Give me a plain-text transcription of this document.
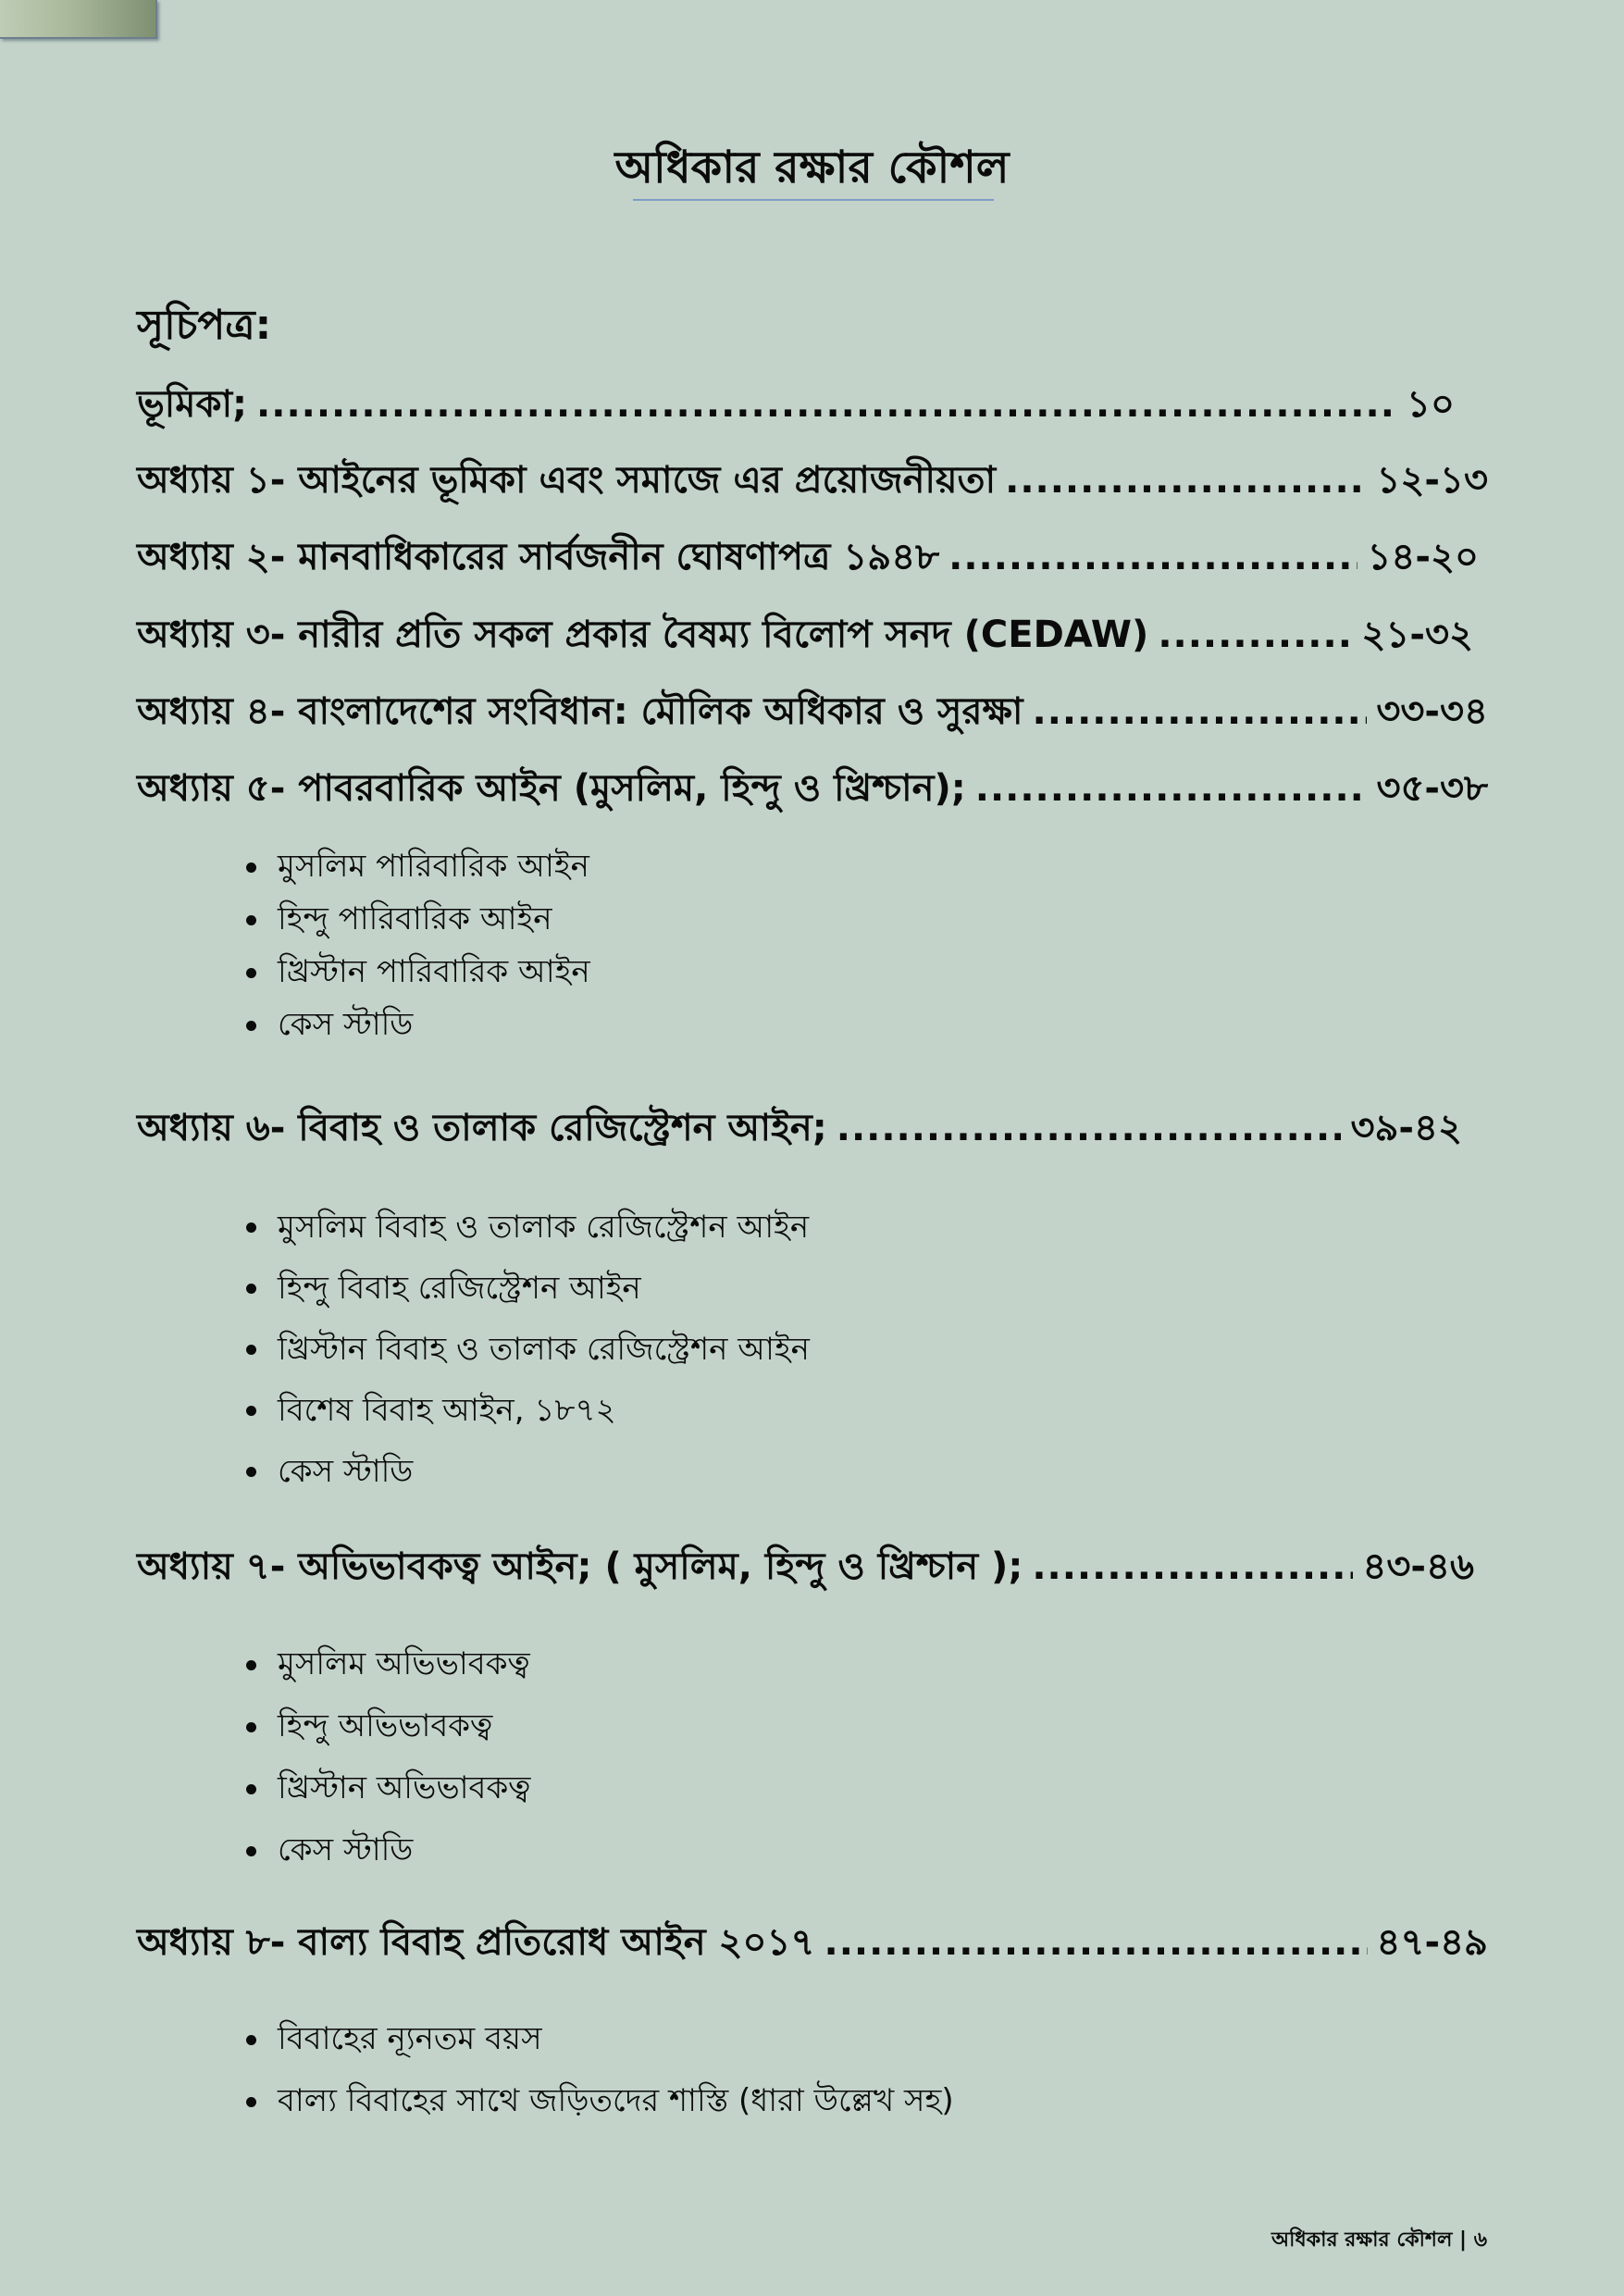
অধিকার রক্ষার কৌশল
সূচিপত্র:
ভূমিকা; .....	১০
অধ্যায় ১- আইনের ভূমিকা এবং সমাজে এর প্রয়োজনীয়তা .....	১২-১৩
অধ্যায় ২- মানবাধিকারের সার্বজনীন ঘোষণাপত্র ১৯৪৮ .....	১৪-২০
অধ্যায় ৩- নারীর প্রতি সকল প্রকার বৈষম্য বিলোপ সনদ (CEDAW) .....	২১-৩২
অধ্যায় ৪- বাংলাদেশের সংবিধান: মৌলিক অধিকার ও সুরক্ষা .....	৩৩-৩৪
অধ্যায় ৫- পাবরবারিক আইন (মুসলিম, হিন্দু ও খ্রিশ্চান); .....	৩৫-৩৮
মুসলিম পারিবারিক আইন
হিন্দু পারিবারিক আইন
খ্রিস্টান পারিবারিক আইন
কেস স্টাডি
অধ্যায় ৬- বিবাহ ও তালাক রেজিস্ট্রেশন আইন; .....	৩৯-৪২
মুসলিম বিবাহ ও তালাক রেজিস্ট্রেশন আইন
হিন্দু বিবাহ রেজিস্ট্রেশন আইন
খ্রিস্টান বিবাহ ও তালাক রেজিস্ট্রেশন আইন
বিশেষ বিবাহ আইন, ১৮৭২
কেস স্টাডি
অধ্যায় ৭- অভিভাবকত্ব আইন; ( মুসলিম, হিন্দু ও খ্রিশ্চান ); .....	৪৩-৪৬
মুসলিম অভিভাবকত্ব
হিন্দু অভিভাবকত্ব
খ্রিস্টান অভিভাবকত্ব
কেস স্টাডি
অধ্যায় ৮- বাল্য বিবাহ প্রতিরোধ আইন ২০১৭ .....	৪৭-৪৯
বিবাহের ন্যূনতম বয়স
বাল্য বিবাহের সাথে জড়িতদের শাস্তি (ধারা উল্লেখ সহ)
অধিকার রক্ষার কৌশল | ৬
